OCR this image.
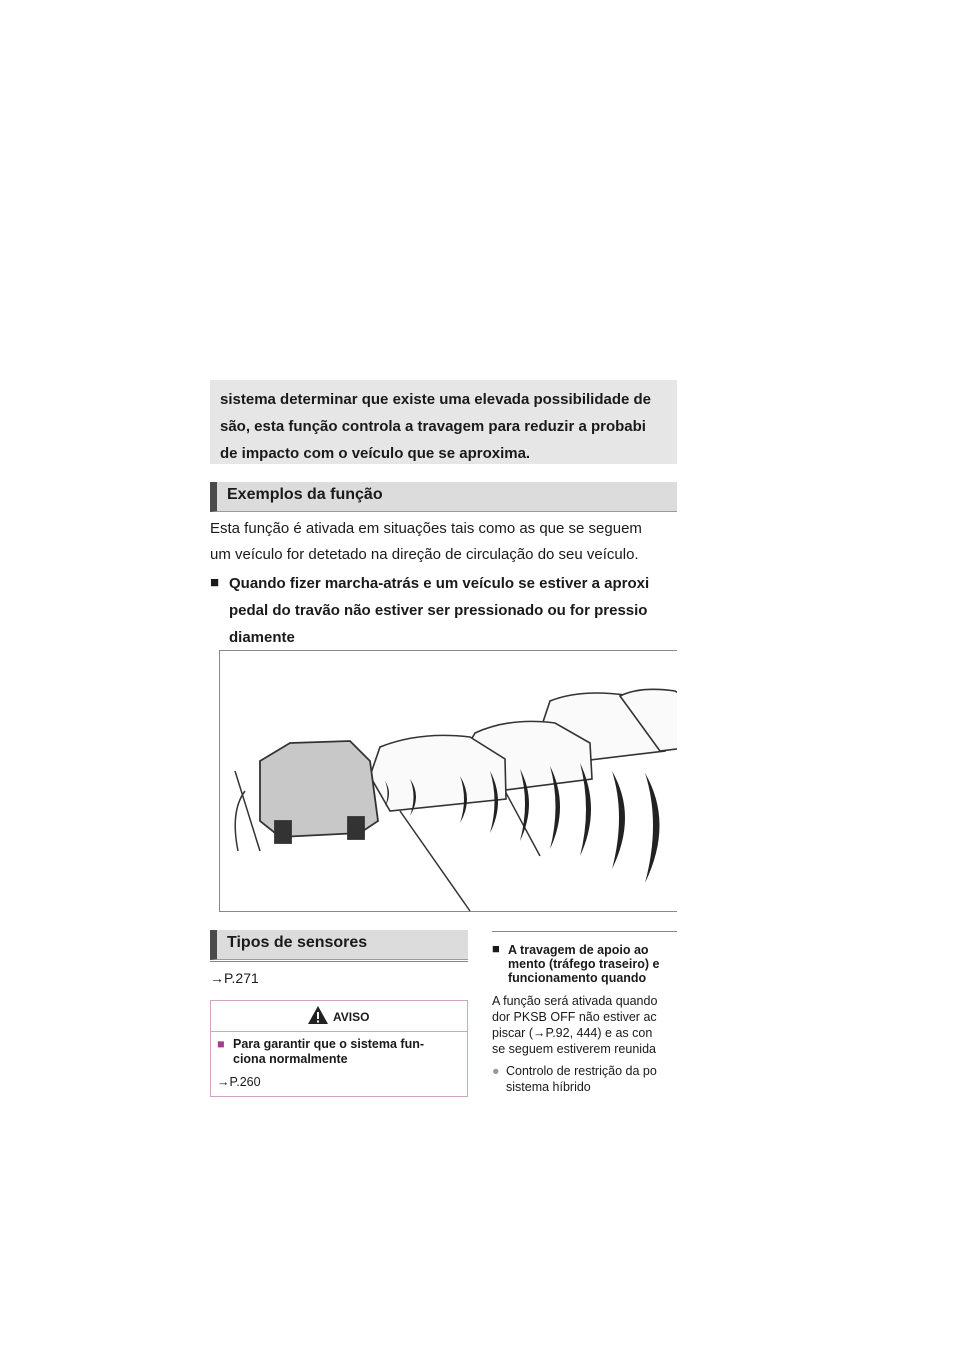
sistema determinar que existe uma elevada possibilidade de
são, esta função controla a travagem para reduzir a probabi
de impacto com o veículo que se aproxima.
Exemplos da função
Esta função é ativada em situações tais como as que se seguem
um veículo for detetado na direção de circulação do seu veículo.
■ Quando fizer marcha-atrás e um veículo se estiver a aproxi
pedal do travão não estiver ser pressionado ou for pressio
diamente
Tipos de sensores
→P.271
AVISO
■ Para garantir que o sistema fun-
ciona normalmente
→P.260
■ A travagem de apoio ao
mento (tráfego traseiro) e
funcionamento quando
A função será ativada quando
dor PKSB OFF não estiver ac
piscar (→P.92, 444) e as con
se seguem estiverem reunida
● Controlo de restrição da po
sistema híbrido
